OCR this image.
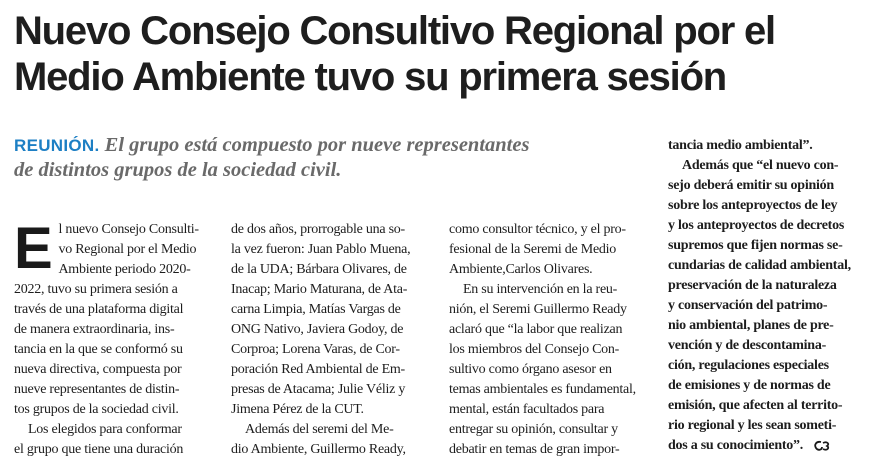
Nuevo Consejo Consultivo Regional por el
Medio Ambiente tuvo su primera sesión
REUNIÓN. El grupo está compuesto por nueve representantes
de distintos grupos de la sociedad civil.
E l nuevo Consejo Consulti-
vo Regional por el Medio
Ambiente periodo 2020-
2022, tuvo su primera sesión a
través de una plataforma digital
de manera extraordinaria, ins-
tancia en la que se conformó su
nueva directiva, compuesta por
nueve representantes de distin-
tos grupos de la sociedad civil.
Los elegidos para conformar
el grupo que tiene una duración
de dos años, prorrogable una so-
la vez fueron: Juan Pablo Muena,
de la UDA; Bárbara Olivares, de
Inacap; Mario Maturana, de Ata-
carna Limpia, Matías Vargas de
ONG Nativo, Javiera Godoy, de
Corproa; Lorena Varas, de Cor-
poración Red Ambiental de Em-
presas de Atacama; Julie Véliz y
Jimena Pérez de la CUT.
Además del seremi del Me-
dio Ambiente, Guillermo Ready,
como consultor técnico, y el pro-
fesional de la Seremi de Medio
Ambiente,Carlos Olivares.
En su intervención en la reu-
nión, el Seremi Guillermo Ready
aclaró que “la labor que realizan
los miembros del Consejo Con-
sultivo como órgano asesor en
temas ambientales es fundamental,
mental, están facultados para
entregar su opinión, consultar y
debatir en temas de gran impor-
tancia medio ambiental”.
Además que “el nuevo con-
sejo deberá emitir su opinión
sobre los anteproyectos de ley
y los anteproyectos de decretos
supremos que fijen normas se-
cundarias de calidad ambiental,
preservación de la naturaleza
y conservación del patrimo-
nio ambiental, planes de pre-
vención y de descontamina-
ción, regulaciones especiales
de emisiones y de normas de
emisión, que afecten al territo-
rio regional y les sean someti-
dos a su conocimiento”.
